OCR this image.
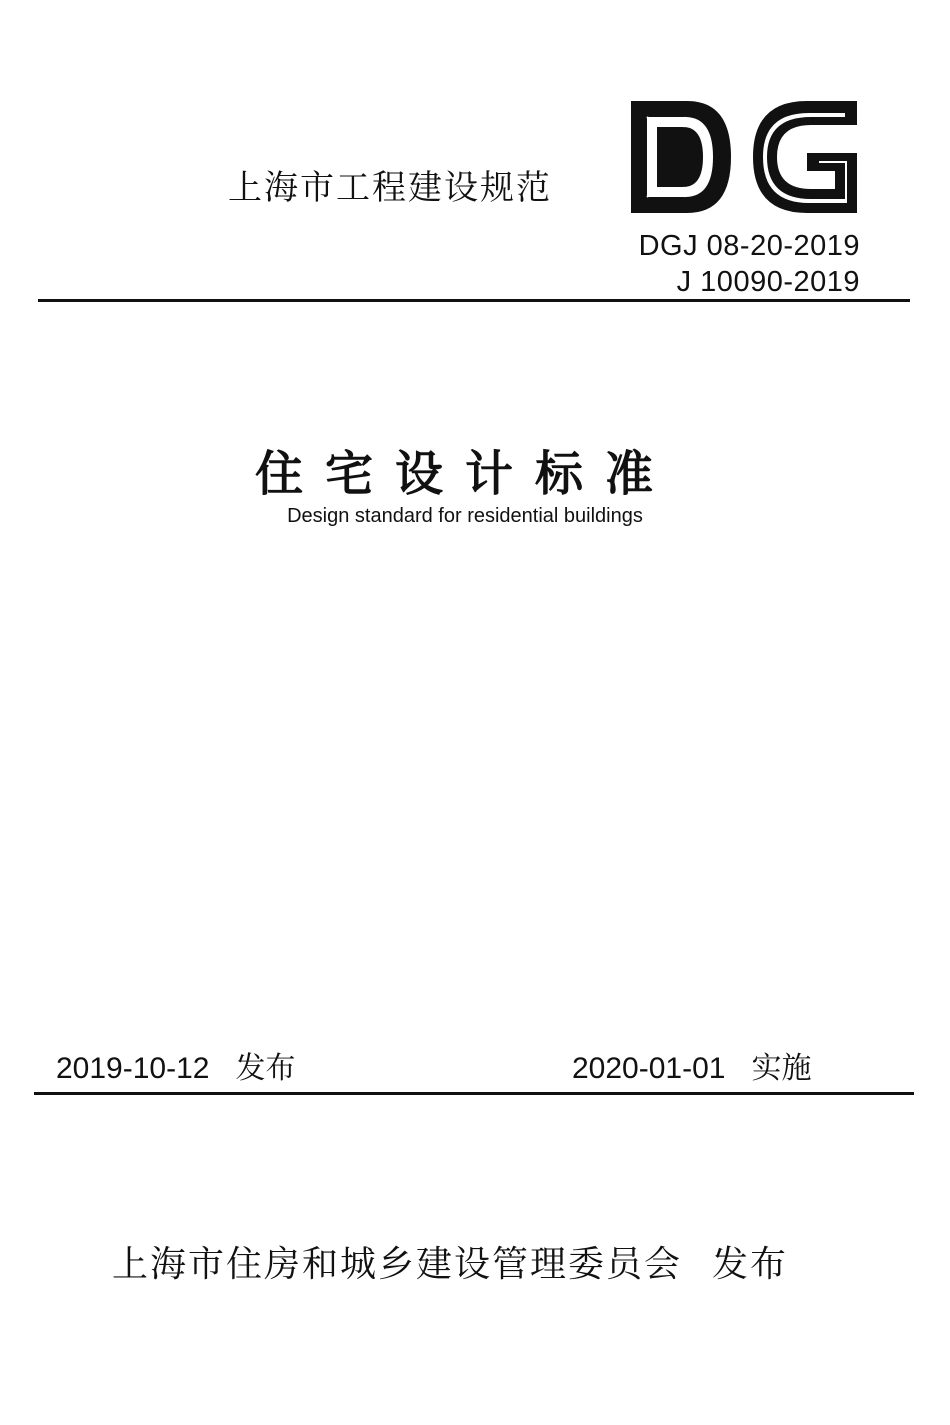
上海市工程建设规范
DGJ 08-20-2019
J 10090-2019
住宅设计标准
Design standard for residential buildings
2019-10-12 发布	2020-01-01 实施
上海市住房和城乡建设管理委员会 发布
